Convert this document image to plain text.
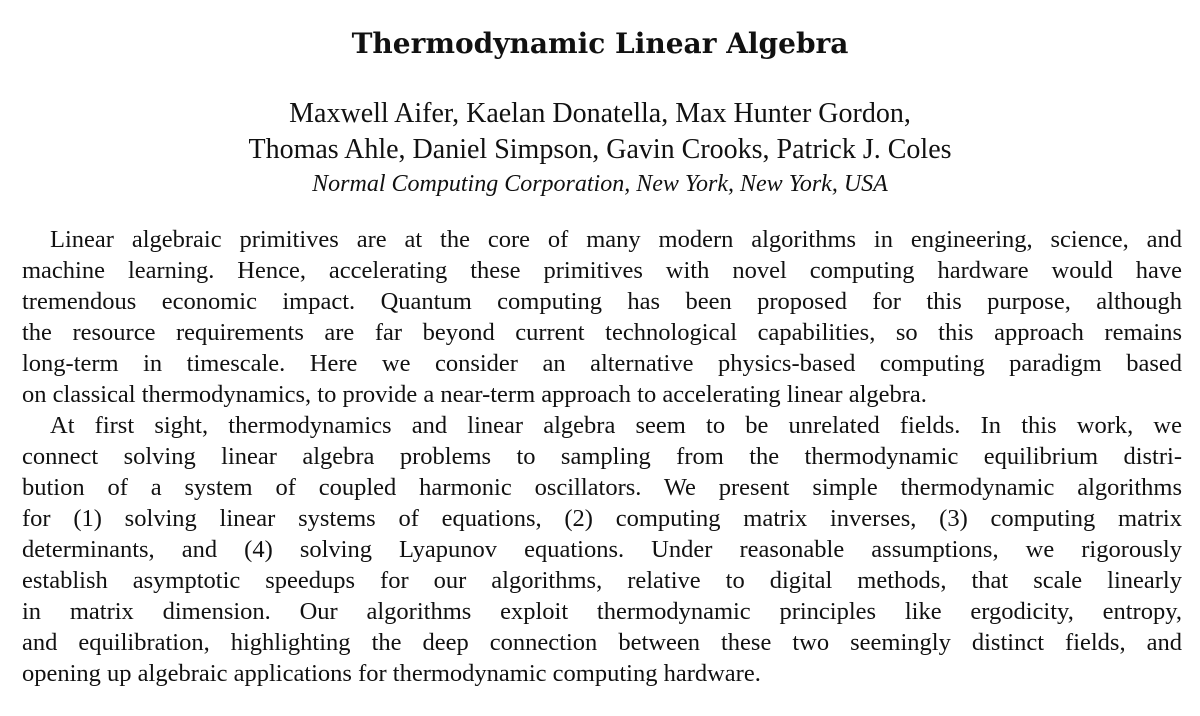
Thermodynamic Linear Algebra
Maxwell Aifer, Kaelan Donatella, Max Hunter Gordon,
Thomas Ahle, Daniel Simpson, Gavin Crooks, Patrick J. Coles
Normal Computing Corporation, New York, New York, USA
Linear algebraic primitives are at the core of many modern algorithms in engineering, science, and
machine learning. Hence, accelerating these primitives with novel computing hardware would have
tremendous economic impact. Quantum computing has been proposed for this purpose, although
the resource requirements are far beyond current technological capabilities, so this approach remains
long-term in timescale. Here we consider an alternative physics-based computing paradigm based
on classical thermodynamics, to provide a near-term approach to accelerating linear algebra.
At first sight, thermodynamics and linear algebra seem to be unrelated fields. In this work, we
connect solving linear algebra problems to sampling from the thermodynamic equilibrium distri-
bution of a system of coupled harmonic oscillators. We present simple thermodynamic algorithms
for (1) solving linear systems of equations, (2) computing matrix inverses, (3) computing matrix
determinants, and (4) solving Lyapunov equations. Under reasonable assumptions, we rigorously
establish asymptotic speedups for our algorithms, relative to digital methods, that scale linearly
in matrix dimension. Our algorithms exploit thermodynamic principles like ergodicity, entropy,
and equilibration, highlighting the deep connection between these two seemingly distinct fields, and
opening up algebraic applications for thermodynamic computing hardware.
